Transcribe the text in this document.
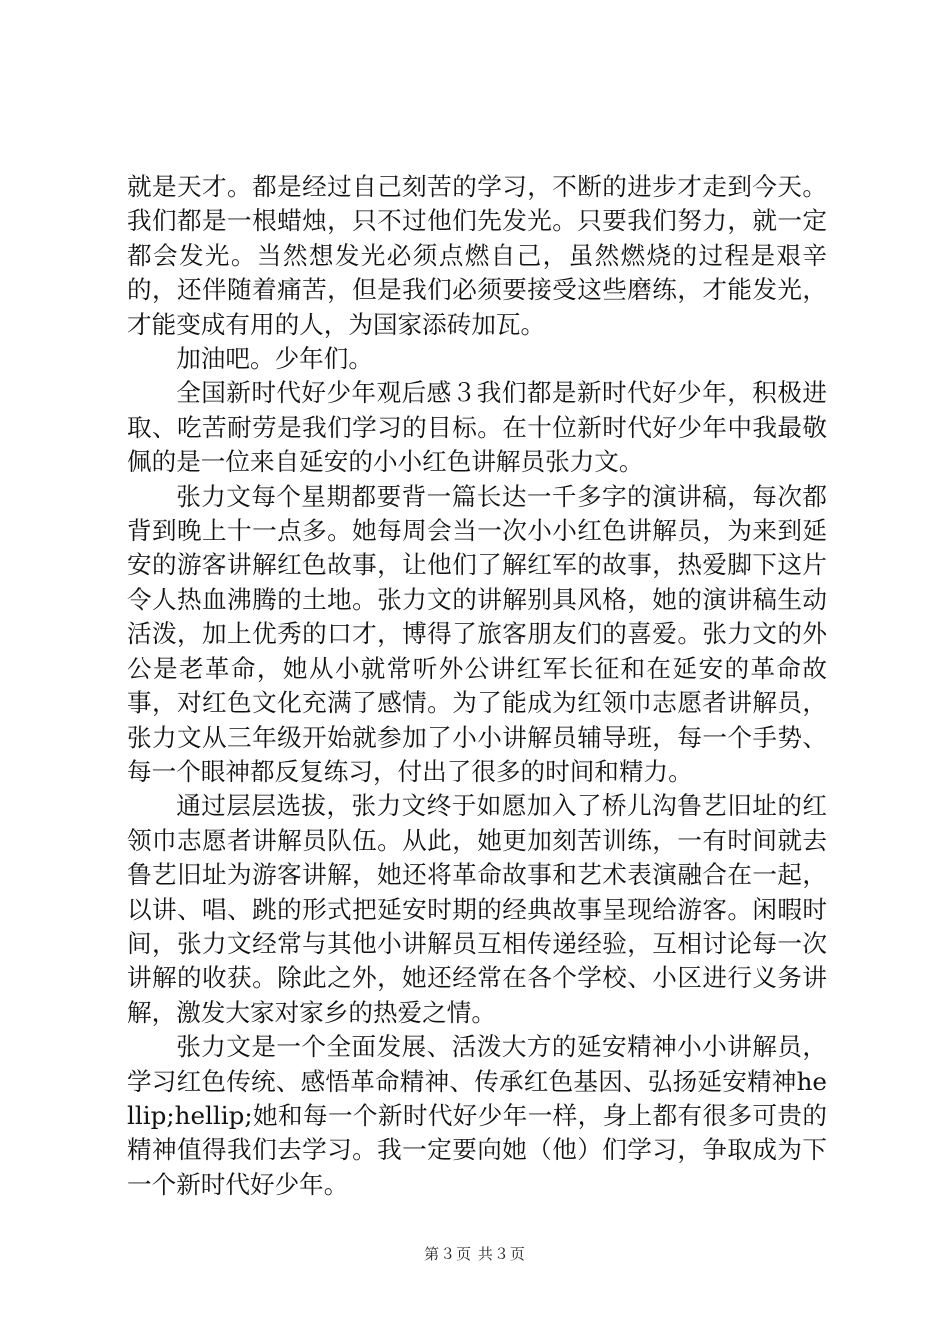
就是天才。都是经过自己刻苦的学习，不断的进步才走到今天。我们都是一根蜡烛，只不过他们先发光。只要我们努力，就一定都会发光。当然想发光必须点燃自己，虽然燃烧的过程是艰辛的，还伴随着痛苦，但是我们必须要接受这些磨练，才能发光，才能变成有用的人，为国家添砖加瓦。

加油吧。少年们。

全国新时代好少年观后感３我们都是新时代好少年，积极进取、吃苦耐劳是我们学习的目标。在十位新时代好少年中我最敬佩的是一位来自延安的小小红色讲解员张力文。

张力文每个星期都要背一篇长达一千多字的演讲稿，每次都背到晚上十一点多。她每周会当一次小小红色讲解员，为来到延安的游客讲解红色故事，让他们了解红军的故事，热爱脚下这片令人热血沸腾的土地。张力文的讲解别具风格，她的演讲稿生动活泼，加上优秀的口才，博得了旅客朋友们的喜爱。张力文的外公是老革命，她从小就常听外公讲红军长征和在延安的革命故事，对红色文化充满了感情。为了能成为红领巾志愿者讲解员，张力文从三年级开始就参加了小小讲解员辅导班，每一个手势、每一个眼神都反复练习，付出了很多的时间和精力。

通过层层选拔，张力文终于如愿加入了桥儿沟鲁艺旧址的红领巾志愿者讲解员队伍。从此，她更加刻苦训练，一有时间就去鲁艺旧址为游客讲解，她还将革命故事和艺术表演融合在一起，以讲、唱、跳的形式把延安时期的经典故事呈现给游客。闲暇时间，张力文经常与其他小讲解员互相传递经验，互相讨论每一次讲解的收获。除此之外，她还经常在各个学校、小区进行义务讲解，激发大家对家乡的热爱之情。

张力文是一个全面发展、活泼大方的延安精神小小讲解员，学习红色传统、感悟革命精神、传承红色基因、弘扬延安精神hellip;hellip;她和每一个新时代好少年一样，身上都有很多可贵的精神值得我们去学习。我一定要向她（他）们学习，争取成为下一个新时代好少年。

第３页 共３页
